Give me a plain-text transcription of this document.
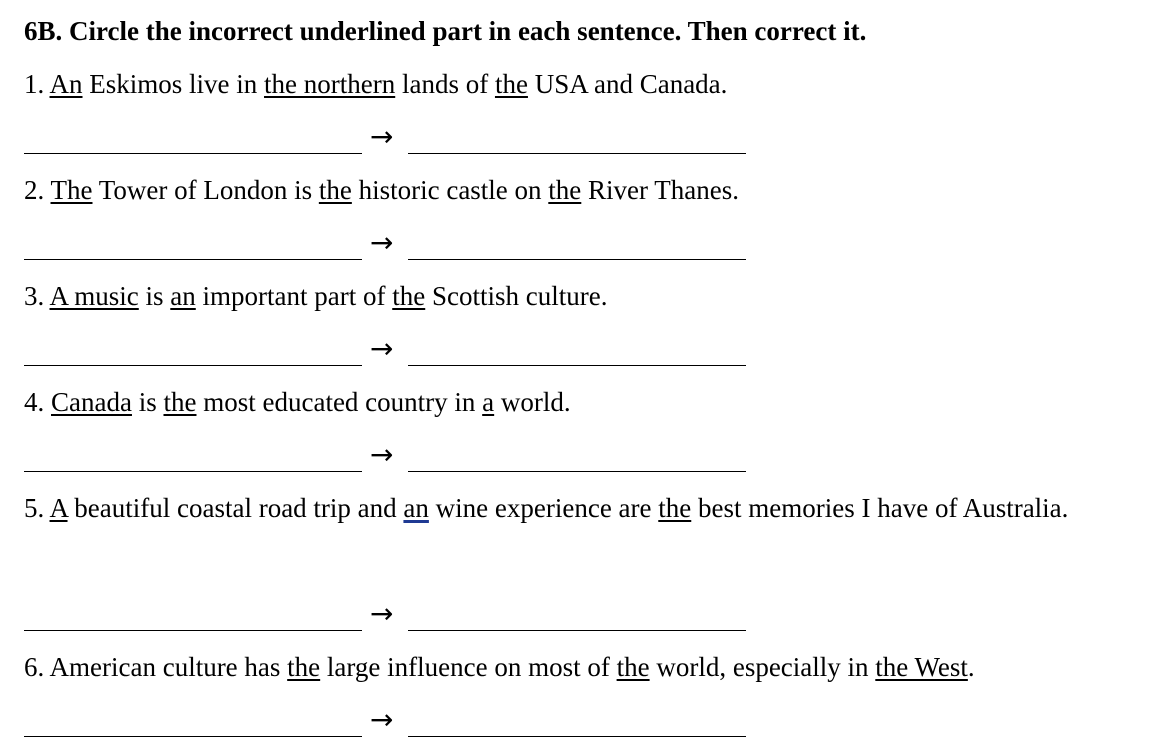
6B. Circle the incorrect underlined part in each sentence. Then correct it.
1. An Eskimos live in the northern lands of the USA and Canada.
→
2. The Tower of London is the historic castle on the River Thanes.
→
3. A music is an important part of the Scottish culture.
→
4. Canada is the most educated country in a world.
→
5. A beautiful coastal road trip and an wine experience are the best memories I have of Australia.
→
6. American culture has the large influence on most of the world, especially in the West.
→
